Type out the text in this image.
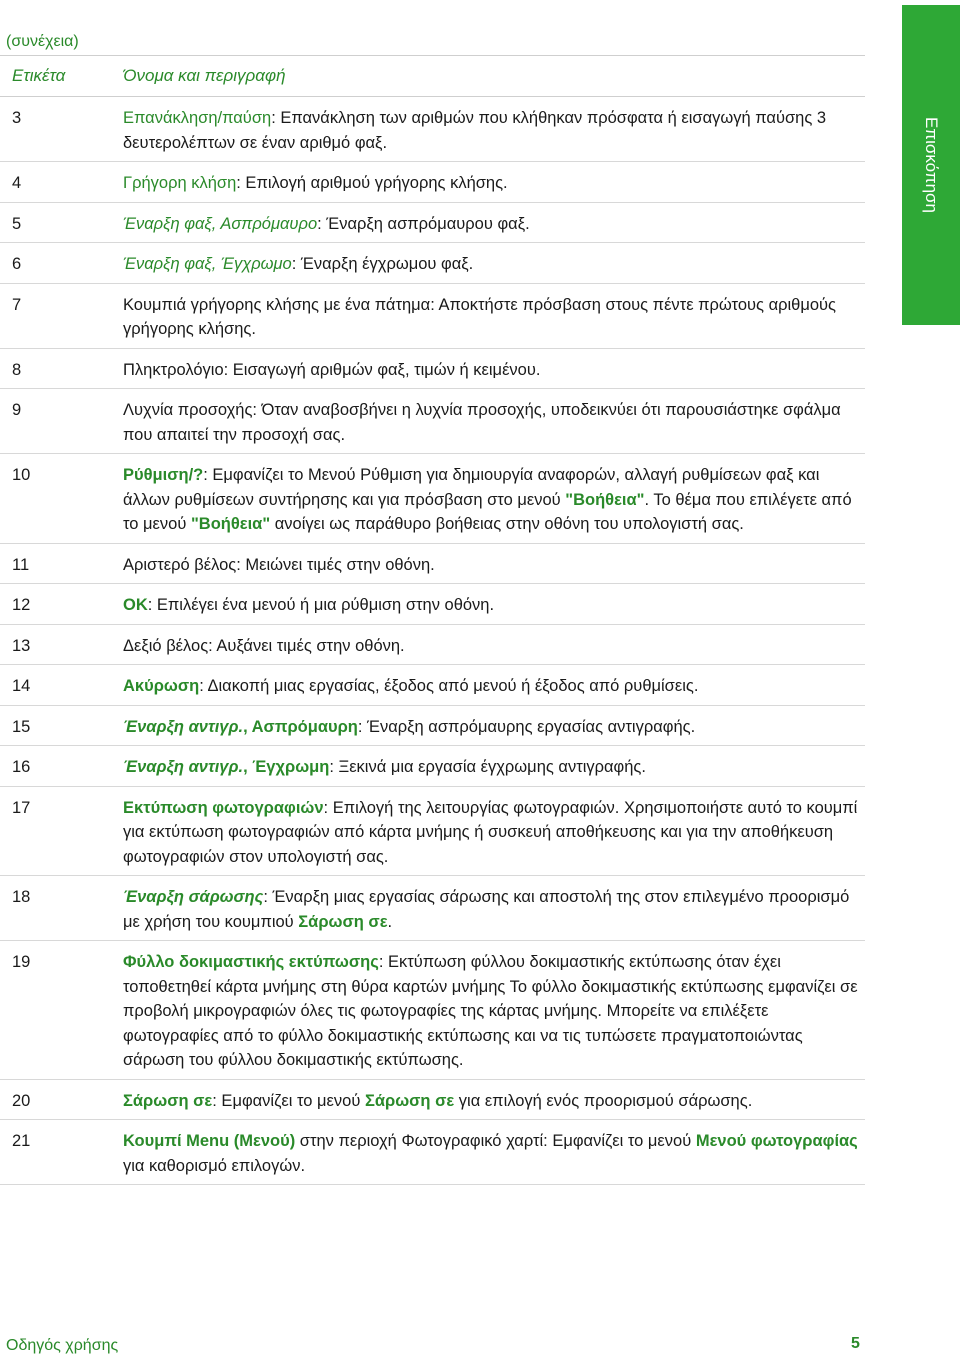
(συνέχεια)
Επισκόπηση
Ετικέτα	Όνομα και περιγραφή
3	Επανάκληση/παύση: Επανάκληση των αριθμών που κλήθηκαν πρόσφατα ή εισαγωγή παύσης 3 δευτερολέπτων σε έναν αριθμό φαξ.
4	Γρήγορη κλήση: Επιλογή αριθμού γρήγορης κλήσης.
5	Έναρξη φαξ, Ασπρόμαυρο: Έναρξη ασπρόμαυρου φαξ.
6	Έναρξη φαξ, Έγχρωμο: Έναρξη έγχρωμου φαξ.
7	Κουμπιά γρήγορης κλήσης με ένα πάτημα: Αποκτήστε πρόσβαση στους πέντε πρώτους αριθμούς γρήγορης κλήσης.
8	Πληκτρολόγιο: Εισαγωγή αριθμών φαξ, τιμών ή κειμένου.
9	Λυχνία προσοχής: Όταν αναβοσβήνει η λυχνία προσοχής, υποδεικνύει ότι παρουσιάστηκε σφάλμα που απαιτεί την προσοχή σας.
10	Ρύθμιση/?: Εμφανίζει το Μενού Ρύθμιση για δημιουργία αναφορών, αλλαγή ρυθμίσεων φαξ και άλλων ρυθμίσεων συντήρησης και για πρόσβαση στο μενού "Βοήθεια". Το θέμα που επιλέγετε από το μενού "Βοήθεια" ανοίγει ως παράθυρο βοήθειας στην οθόνη του υπολογιστή σας.
11	Αριστερό βέλος: Μειώνει τιμές στην οθόνη.
12	OK: Επιλέγει ένα μενού ή μια ρύθμιση στην οθόνη.
13	Δεξιό βέλος: Αυξάνει τιμές στην οθόνη.
14	Ακύρωση: Διακοπή μιας εργασίας, έξοδος από μενού ή έξοδος από ρυθμίσεις.
15	Έναρξη αντιγρ., Ασπρόμαυρη: Έναρξη ασπρόμαυρης εργασίας αντιγραφής.
16	Έναρξη αντιγρ., Έγχρωμη: Ξεκινά μια εργασία έγχρωμης αντιγραφής.
17	Εκτύπωση φωτογραφιών: Επιλογή της λειτουργίας φωτογραφιών. Χρησιμοποιήστε αυτό το κουμπί για εκτύπωση φωτογραφιών από κάρτα μνήμης ή συσκευή αποθήκευσης και για την αποθήκευση φωτογραφιών στον υπολογιστή σας.
18	Έναρξη σάρωσης: Έναρξη μιας εργασίας σάρωσης και αποστολή της στον επιλεγμένο προορισμό με χρήση του κουμπιού Σάρωση σε.
19	Φύλλο δοκιμαστικής εκτύπωσης: Εκτύπωση φύλλου δοκιμαστικής εκτύπωσης όταν έχει τοποθετηθεί κάρτα μνήμης στη θύρα καρτών μνήμης Το φύλλο δοκιμαστικής εκτύπωσης εμφανίζει σε προβολή μικρογραφιών όλες τις φωτογραφίες της κάρτας μνήμης. Μπορείτε να επιλέξετε φωτογραφίες από το φύλλο δοκιμαστικής εκτύπωσης και να τις τυπώσετε πραγματοποιώντας σάρωση του φύλλου δοκιμαστικής εκτύπωσης.
20	Σάρωση σε: Εμφανίζει το μενού Σάρωση σε για επιλογή ενός προορισμού σάρωσης.
21	Κουμπί Menu (Μενού) στην περιοχή Φωτογραφικό χαρτί: Εμφανίζει το μενού Μενού φωτογραφίας για καθορισμό επιλογών.
Οδηγός χρήσης	5
